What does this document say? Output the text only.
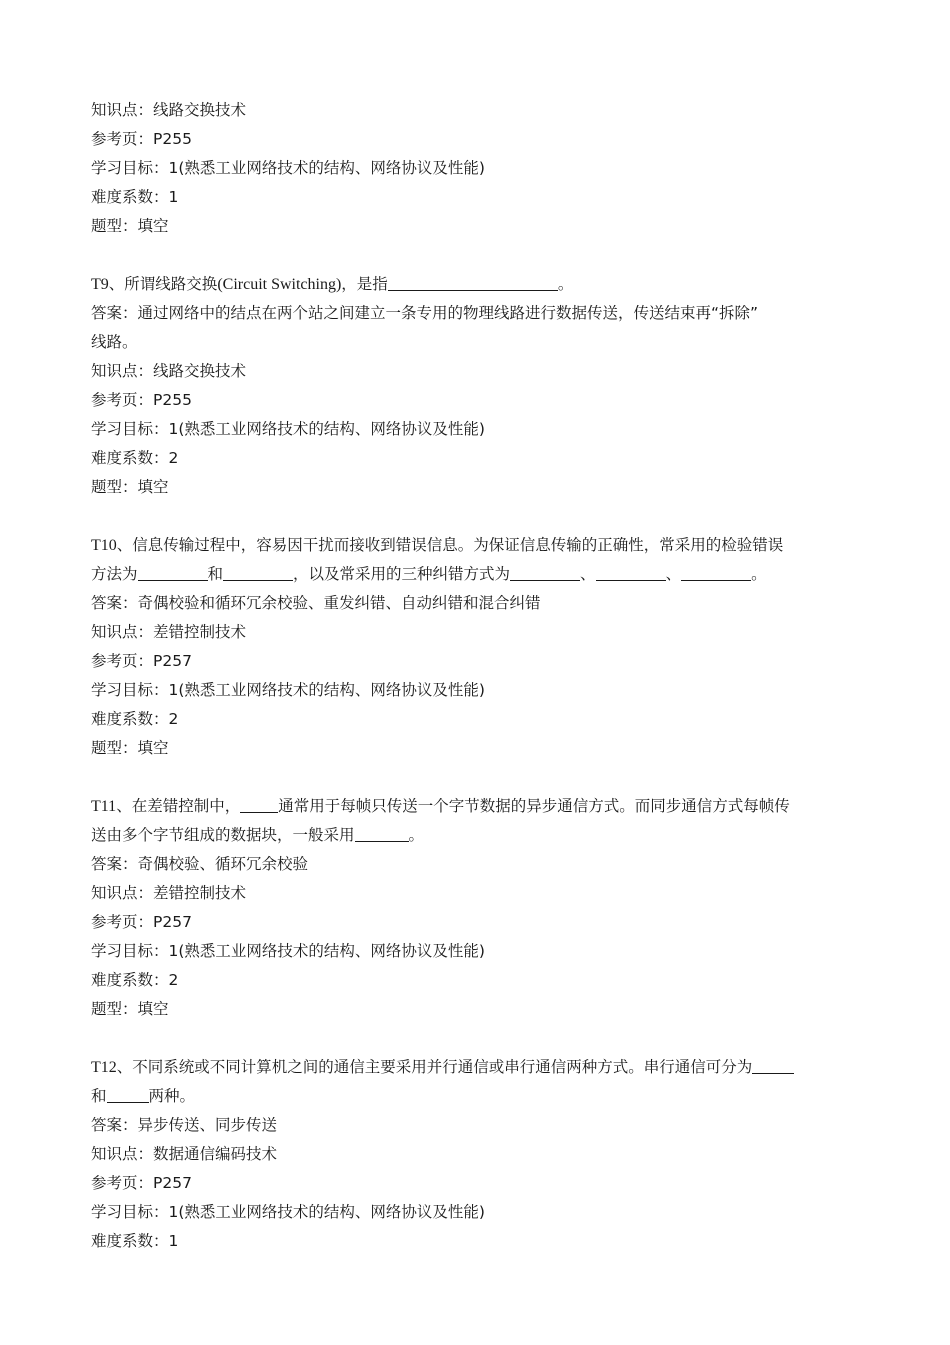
知识点：线路交换技术
参考页：P255
学习目标：1(熟悉工业网络技术的结构、网络协议及性能)
难度系数：1
题型：填空
T9、所谓线路交换(Circuit Switching)，是指	。
答案：通过网络中的结点在两个站之间建立一条专用的物理线路进行数据传送，传送结束再“拆除”
线路。
知识点：线路交换技术
参考页：P255
学习目标：1(熟悉工业网络技术的结构、网络协议及性能)
难度系数：2
题型：填空
T10、信息传输过程中，容易因干扰而接收到错误信息。为保证信息传输的正确性，常采用的检验错误
方法为	和	，以及常采用的三种纠错方式为	、	、	。
答案：奇偶校验和循环冗余校验、重发纠错、自动纠错和混合纠错
知识点：差错控制技术
参考页：P257
学习目标：1(熟悉工业网络技术的结构、网络协议及性能)
难度系数：2
题型：填空
T11、在差错控制中， 通常用于每帧只传送一个字节数据的异步通信方式。而同步通信方式每帧传
送由多个字节组成的数据块，一般采用	。
答案：奇偶校验、循环冗余校验
知识点：差错控制技术
参考页：P257
学习目标：1(熟悉工业网络技术的结构、网络协议及性能)
难度系数：2
题型：填空
T12、不同系统或不同计算机之间的通信主要采用并行通信或串行通信两种方式。串行通信可分为
和	两种。
答案：异步传送、同步传送
知识点：数据通信编码技术
参考页：P257
学习目标：1(熟悉工业网络技术的结构、网络协议及性能)
难度系数：1
